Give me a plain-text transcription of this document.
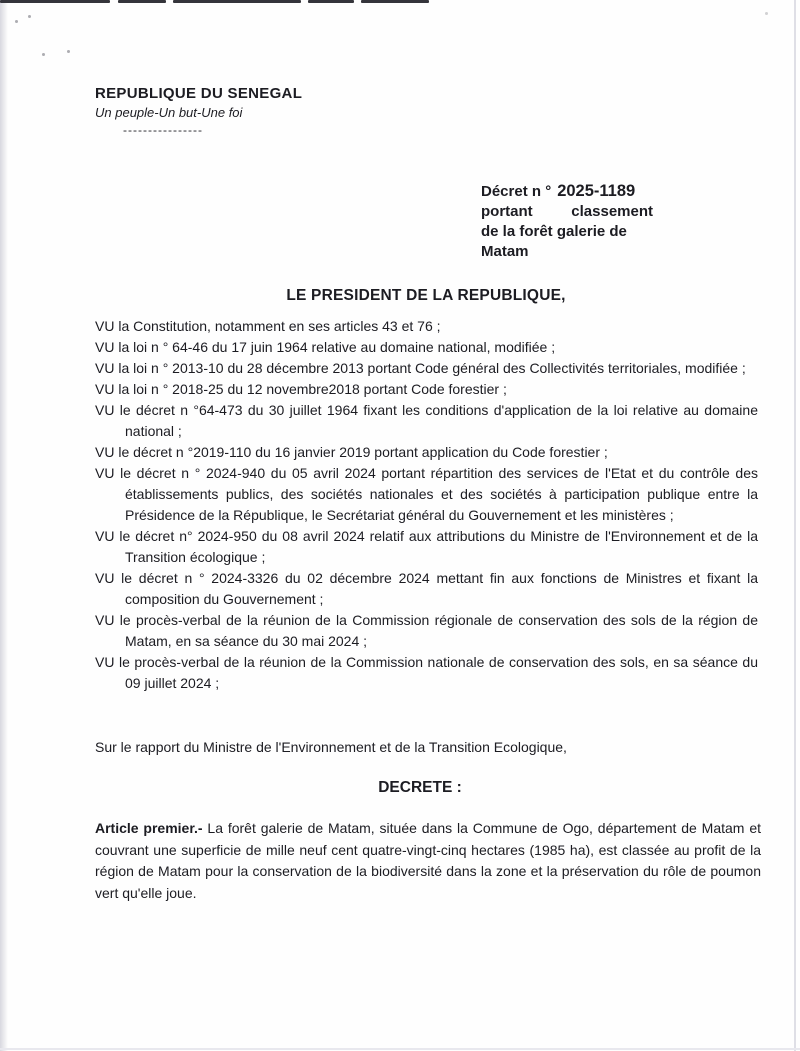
REPUBLIQUE DU SENEGAL
Un peuple-Un but-Une foi
----------------
Décret n ° 2025-1189
portant	classement
de la forêt galerie de
Matam
LE PRESIDENT DE LA REPUBLIQUE,
VU la Constitution, notamment en ses articles 43 et 76 ;
VU la loi n ° 64-46 du 17 juin 1964 relative au domaine national, modifiée ;
VU la loi n ° 2013-10 du 28 décembre 2013 portant Code général des Collectivités territoriales, modifiée ;
VU la loi n ° 2018-25 du 12 novembre2018 portant Code forestier ;
VU le décret n °64-473 du 30 juillet 1964 fixant les conditions d'application de la loi relative au domaine national ;
VU le décret n °2019-110 du 16 janvier 2019 portant application du Code forestier ;
VU le décret n ° 2024-940 du 05 avril 2024 portant répartition des services de l'Etat et du contrôle des établissements publics, des sociétés nationales et des sociétés à participation publique entre la Présidence de la République, le Secrétariat général du Gouvernement et les ministères ;
VU le décret n° 2024-950 du 08 avril 2024 relatif aux attributions du Ministre de l'Environnement et de la Transition écologique ;
VU le décret n ° 2024-3326 du 02 décembre 2024 mettant fin aux fonctions de Ministres et fixant la composition du Gouvernement ;
VU le procès-verbal de la réunion de la Commission régionale de conservation des sols de la région de Matam, en sa séance du 30 mai 2024 ;
VU le procès-verbal de la réunion de la Commission nationale de conservation des sols, en sa séance du 09 juillet 2024 ;
Sur le rapport du Ministre de l'Environnement et de la Transition Ecologique,
DECRETE :

Article premier.- La forêt galerie de Matam, située dans la Commune de Ogo, département de Matam et couvrant une superficie de mille neuf cent quatre-vingt-cinq hectares (1985 ha), est classée au profit de la région de Matam pour la conservation de la biodiversité dans la zone et la préservation du rôle de poumon vert qu'elle joue.
